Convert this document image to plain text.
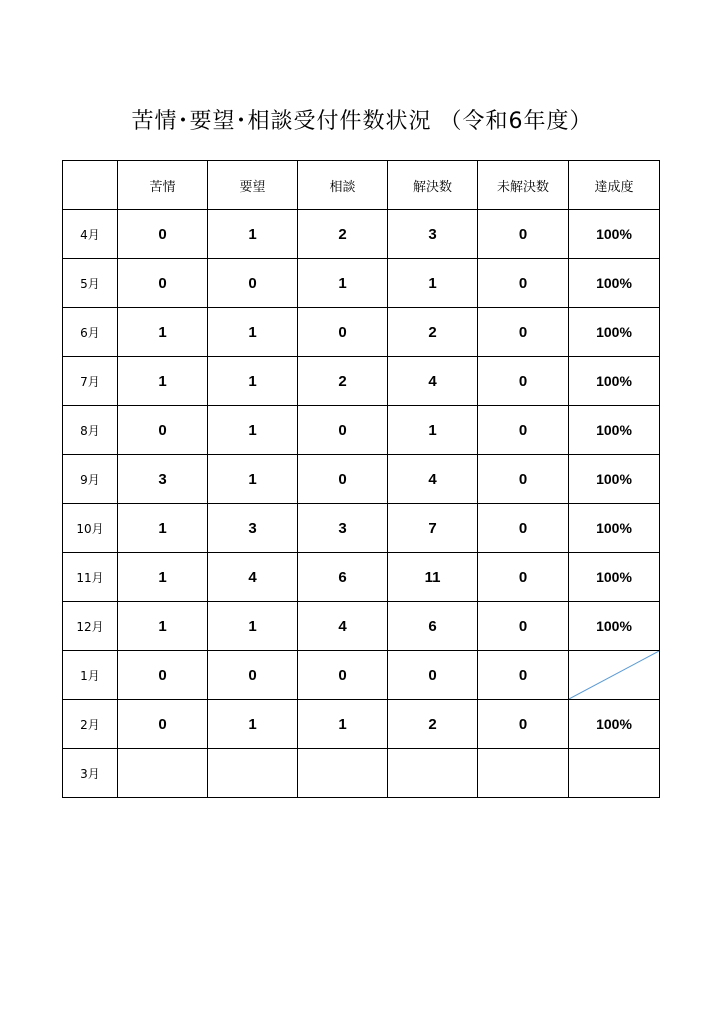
苦情･要望･相談受付件数状況 （令和6年度）
	苦情	要望	相談	解決数	未解決数	達成度
4月	0	1	2	3	0	100%
5月	0	0	1	1	0	100%
6月	1	1	0	2	0	100%
7月	1	1	2	4	0	100%
8月	0	1	0	1	0	100%
9月	3	1	0	4	0	100%
10月	1	3	3	7	0	100%
11月	1	4	6	11	0	100%
12月	1	1	4	6	0	100%
1月	0	0	0	0	0	

2月	0	1	1	2	0	100%
3月						
